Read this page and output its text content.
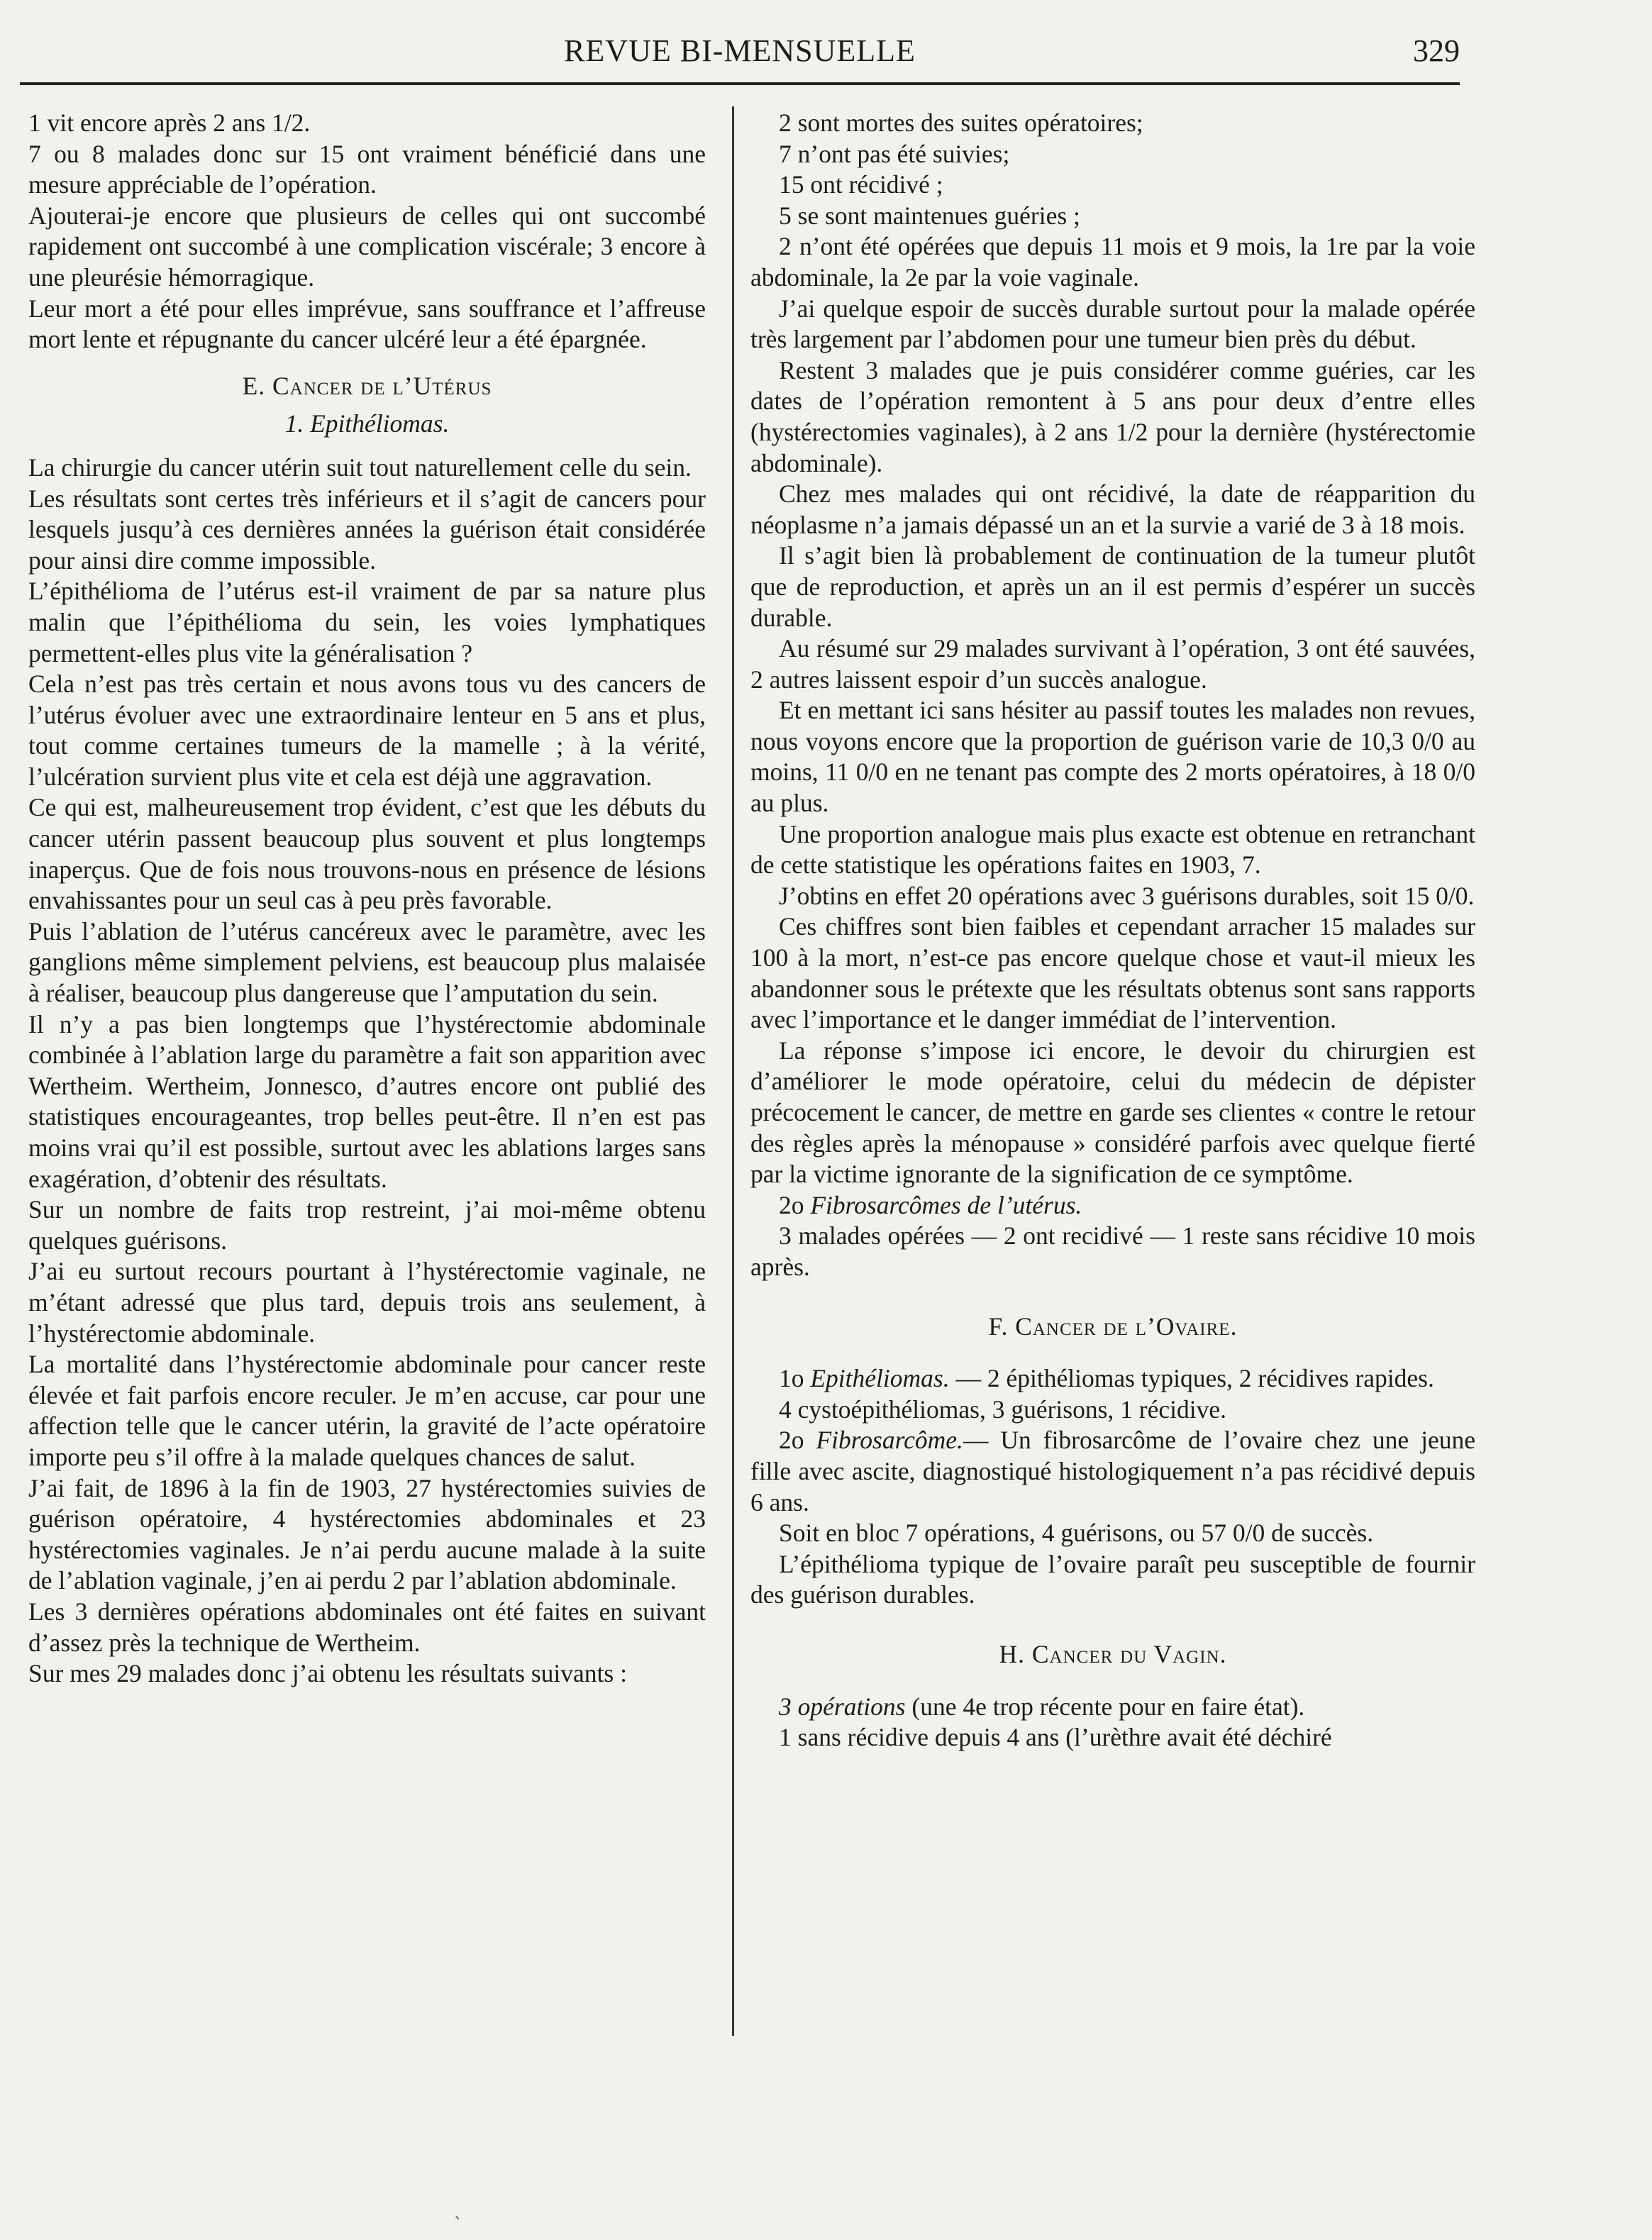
REVUE BI-MENSUELLE	329

1 vit encore après 2 ans 1/2.

7 ou 8 malades donc sur 15 ont vraiment bénéficié dans une mesure appréciable de l’opération.

Ajouterai-je encore que plusieurs de celles qui ont succombé rapidement ont succombé à une complication viscérale; 3 encore à une pleurésie hémorragique.

Leur mort a été pour elles imprévue, sans souffrance et l’affreuse mort lente et répugnante du cancer ulcéré leur a été épargnée.

E. Cancer de l’Utérus
1. Epithéliomas.

La chirurgie du cancer utérin suit tout naturellement celle du sein.

Les résultats sont certes très inférieurs et il s’agit de cancers pour lesquels jusqu’à ces dernières années la guérison était considérée pour ainsi dire comme impossible.

L’épithélioma de l’utérus est-il vraiment de par sa nature plus malin que l’épithélioma du sein, les voies lymphatiques permettent-elles plus vite la généralisation ?

Cela n’est pas très certain et nous avons tous vu des cancers de l’utérus évoluer avec une extraordinaire lenteur en 5 ans et plus, tout comme certaines tumeurs de la mamelle ; à la vérité, l’ulcération survient plus vite et cela est déjà une aggravation.

Ce qui est, malheureusement trop évident, c’est que les débuts du cancer utérin passent beaucoup plus souvent et plus longtemps inaperçus. Que de fois nous trouvons-nous en présence de lésions envahissantes pour un seul cas à peu près favorable.

Puis l’ablation de l’utérus cancéreux avec le paramètre, avec les ganglions même simplement pelviens, est beaucoup plus malaisée à réaliser, beaucoup plus dangereuse que l’amputation du sein.

Il n’y a pas bien longtemps que l’hystérectomie abdominale combinée à l’ablation large du paramètre a fait son apparition avec Wertheim. Wertheim, Jonnesco, d’autres encore ont publié des statistiques encourageantes, trop belles peut-être. Il n’en est pas moins vrai qu’il est possible, surtout avec les ablations larges sans exagération, d’obtenir des résultats.

Sur un nombre de faits trop restreint, j’ai moi-même obtenu quelques guérisons.

J’ai eu surtout recours pourtant à l’hystérectomie vaginale, ne m’étant adressé que plus tard, depuis trois ans seulement, à l’hystérectomie abdominale.

La mortalité dans l’hystérectomie abdominale pour cancer reste élevée et fait parfois encore reculer. Je m’en accuse, car pour une affection telle que le cancer utérin, la gravité de l’acte opératoire importe peu s’il offre à la malade quelques chances de salut.

J’ai fait, de 1896 à la fin de 1903, 27 hystérectomies suivies de guérison opératoire, 4 hystérectomies abdominales et 23 hystérectomies vaginales. Je n’ai perdu aucune malade à la suite de l’ablation vaginale, j’en ai perdu 2 par l’ablation abdominale.

Les 3 dernières opérations abdominales ont été faites en suivant d’assez près la technique de Wertheim.

Sur mes 29 malades donc j’ai obtenu les résultats suivants :

2 sont mortes des suites opératoires;

7 n’ont pas été suivies;

15 ont récidivé ;

5 se sont maintenues guéries ;

2 n’ont été opérées que depuis 11 mois et 9 mois, la 1re par la voie abdominale, la 2e par la voie vaginale.

J’ai quelque espoir de succès durable surtout pour la malade opérée très largement par l’abdomen pour une tumeur bien près du début.

Restent 3 malades que je puis considérer comme guéries, car les dates de l’opération remontent à 5 ans pour deux d’entre elles (hystérectomies vaginales), à 2 ans 1/2 pour la dernière (hystérectomie abdominale).

Chez mes malades qui ont récidivé, la date de réapparition du néoplasme n’a jamais dépassé un an et la survie a varié de 3 à 18 mois.

Il s’agit bien là probablement de continuation de la tumeur plutôt que de reproduction, et après un an il est permis d’espérer un succès durable.

Au résumé sur 29 malades survivant à l’opération, 3 ont été sauvées, 2 autres laissent espoir d’un succès analogue.

Et en mettant ici sans hésiter au passif toutes les malades non revues, nous voyons encore que la proportion de guérison varie de 10,3 0/0 au moins, 11 0/0 en ne tenant pas compte des 2 morts opératoires, à 18 0/0 au plus.

Une proportion analogue mais plus exacte est obtenue en retranchant de cette statistique les opérations faites en 1903, 7.

J’obtins en effet 20 opérations avec 3 guérisons durables, soit 15 0/0.

Ces chiffres sont bien faibles et cependant arracher 15 malades sur 100 à la mort, n’est-ce pas encore quelque chose et vaut-il mieux les abandonner sous le prétexte que les résultats obtenus sont sans rapports avec l’importance et le danger immédiat de l’intervention.

La réponse s’impose ici encore, le devoir du chirurgien est d’améliorer le mode opératoire, celui du médecin de dépister précocement le cancer, de mettre en garde ses clientes « contre le retour des règles après la ménopause » considéré parfois avec quelque fierté par la victime ignorante de la signification de ce symptôme.

2o Fibrosarcômes de l’utérus.

3 malades opérées — 2 ont recidivé — 1 reste sans récidive 10 mois après.

F. Cancer de l’Ovaire.

1o Epithéliomas. — 2 épithéliomas typiques, 2 récidives rapides.

4 cystoépithéliomas, 3 guérisons, 1 récidive.

2o Fibrosarcôme.— Un fibrosarcôme de l’ovaire chez une jeune fille avec ascite, diagnostiqué histologiquement n’a pas récidivé depuis 6 ans.

Soit en bloc 7 opérations, 4 guérisons, ou 57 0/0 de succès.

L’épithélioma typique de l’ovaire paraît peu susceptible de fournir des guérison durables.

H. Cancer du Vagin.

3 opérations (une 4e trop récente pour en faire état).

1 sans récidive depuis 4 ans (l’urèthre avait été déchiré

`
